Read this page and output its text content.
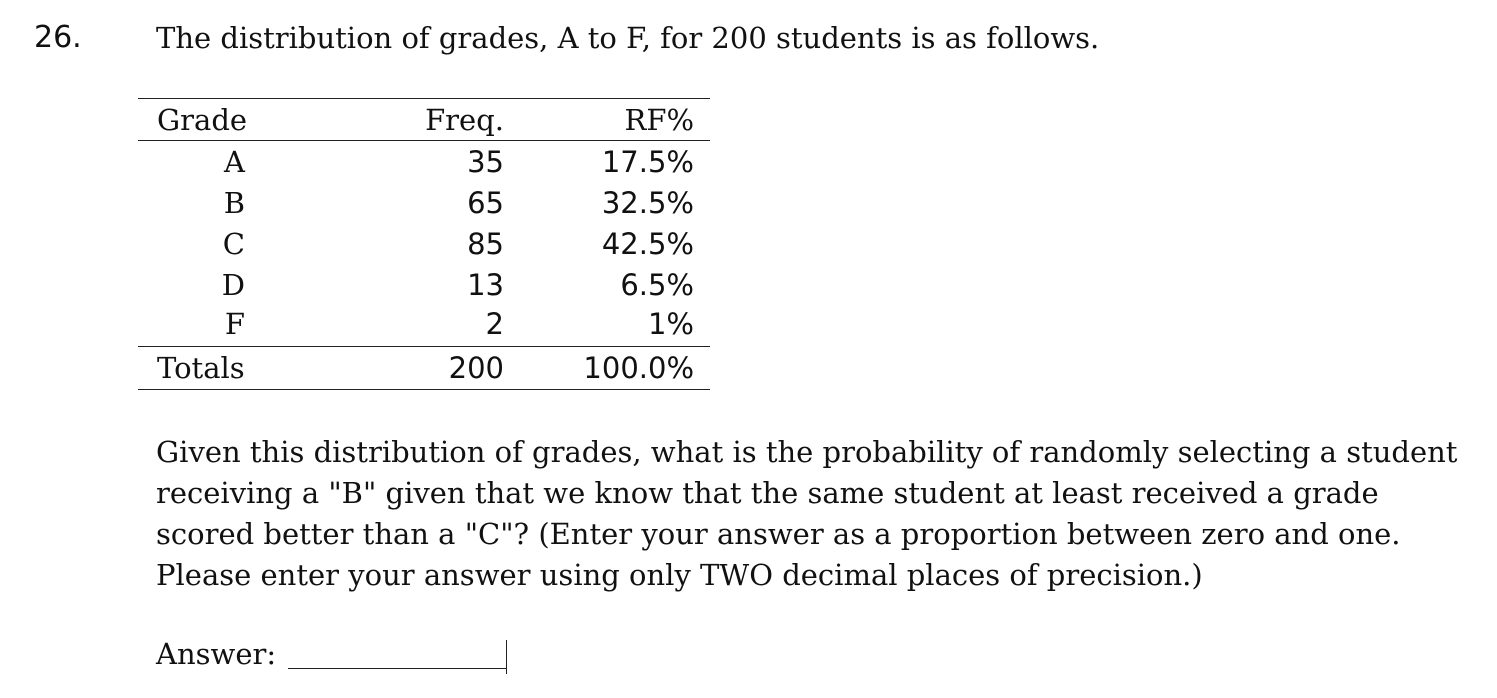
26.	The distribution of grades, A to F, for 200 students is as follows.
Grade	Freq.	RF%
A	35	17.5%
B	65	32.5%
C	85	42.5%
D	13	6.5%
F	2	1%
Totals	200	100.0%
Given this distribution of grades, what is the probability of randomly selecting a student
receiving a "B" given that we know that the same student at least received a grade
scored better than a "C"? (Enter your answer as a proportion between zero and one.
Please enter your answer using only TWO decimal places of precision.)
Answer:
